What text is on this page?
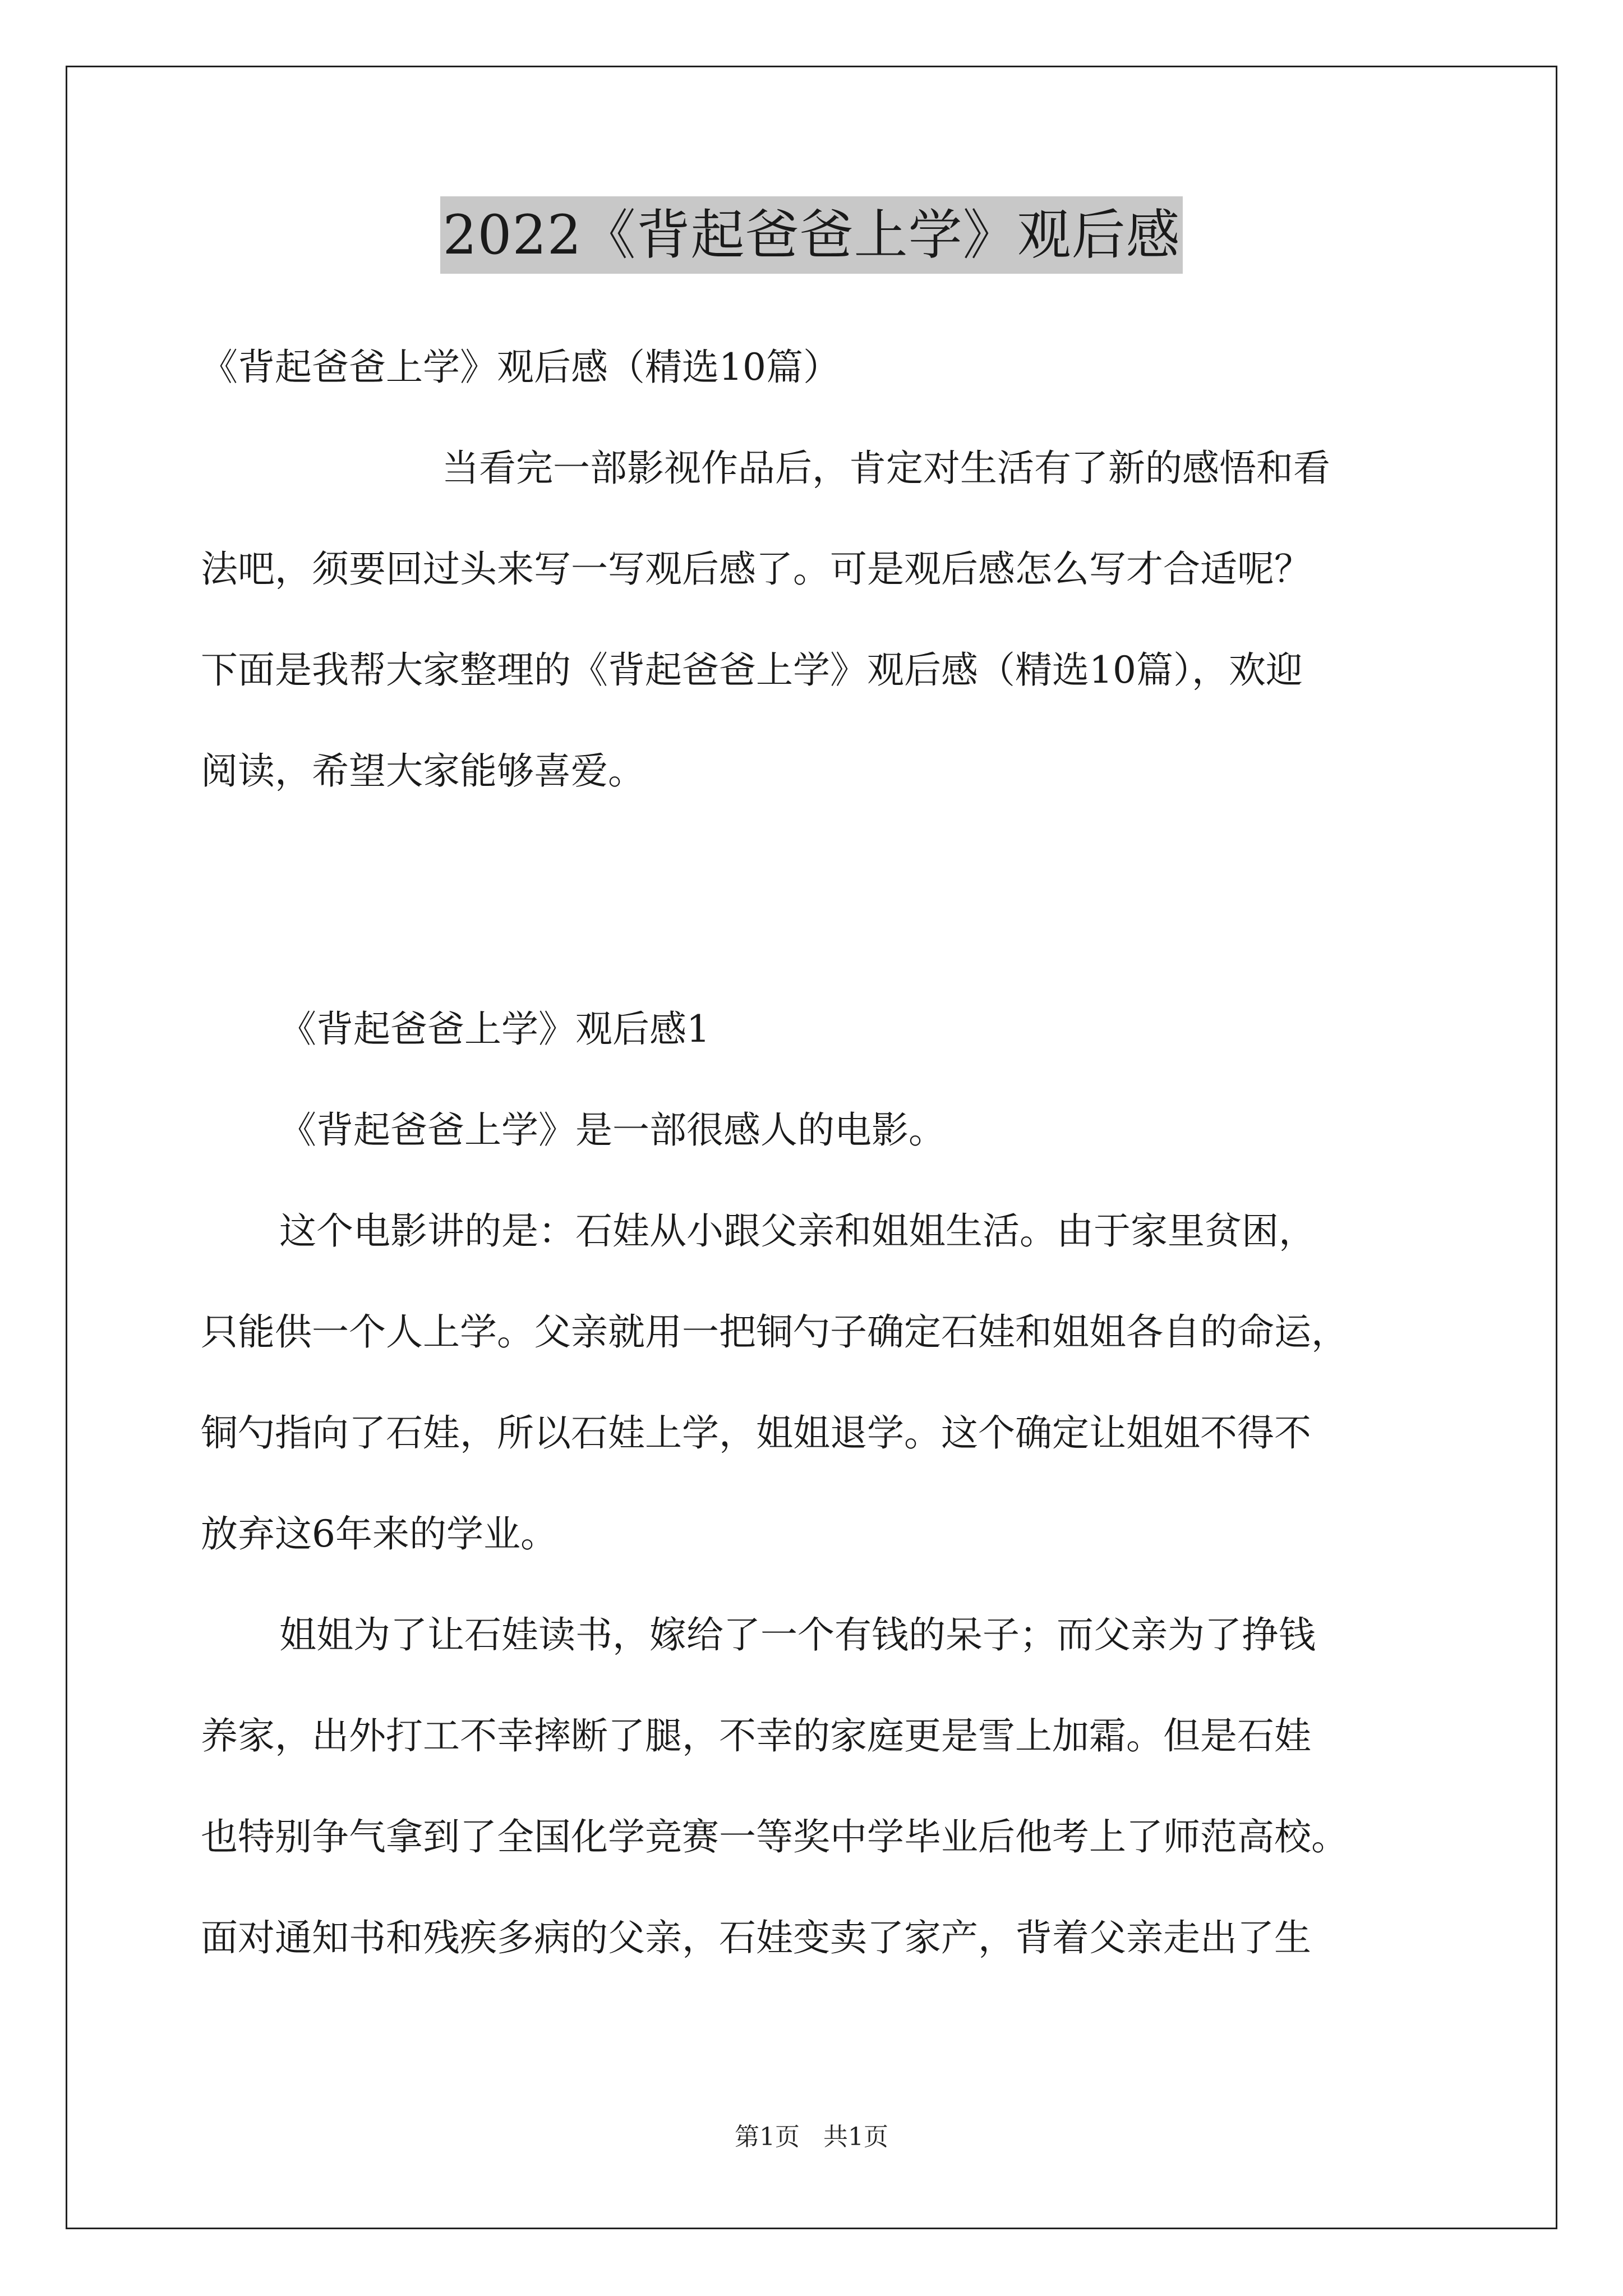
2022《背起爸爸上学》观后感
《背起爸爸上学》观后感（精选10篇）
当看完一部影视作品后，肯定对生活有了新的感悟和看
法吧，须要回过头来写一写观后感了。可是观后感怎么写才合适呢？
下面是我帮大家整理的《背起爸爸上学》观后感（精选10篇），欢迎
阅读，希望大家能够喜爱。
《背起爸爸上学》观后感1
《背起爸爸上学》是一部很感人的电影。
这个电影讲的是：石娃从小跟父亲和姐姐生活。由于家里贫困，
只能供一个人上学。父亲就用一把铜勺子确定石娃和姐姐各自的命运，
铜勺指向了石娃，所以石娃上学，姐姐退学。这个确定让姐姐不得不
放弃这6年来的学业。
姐姐为了让石娃读书，嫁给了一个有钱的呆子；而父亲为了挣钱
养家，出外打工不幸摔断了腿，不幸的家庭更是雪上加霜。但是石娃
也特别争气拿到了全国化学竞赛一等奖中学毕业后他考上了师范高校。
面对通知书和残疾多病的父亲，石娃变卖了家产，背着父亲走出了生
第1页   共1页
